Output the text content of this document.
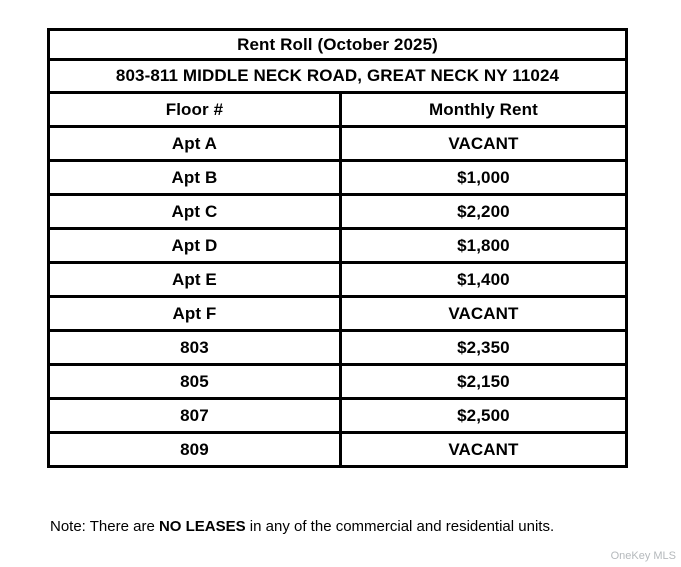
Rent Roll (October 2025)	
803-811 MIDDLE NECK ROAD, GREAT NECK NY 11024	
Floor #	Monthly Rent
Apt A	VACANT
Apt B	$1,000
Apt C	$2,200
Apt D	$1,800
Apt E	$1,400
Apt F	VACANT
803	$2,350
805	$2,150
807	$2,500
809	VACANT

Note: There are NO LEASES in any of the commercial and residential units.

OneKey MLS
